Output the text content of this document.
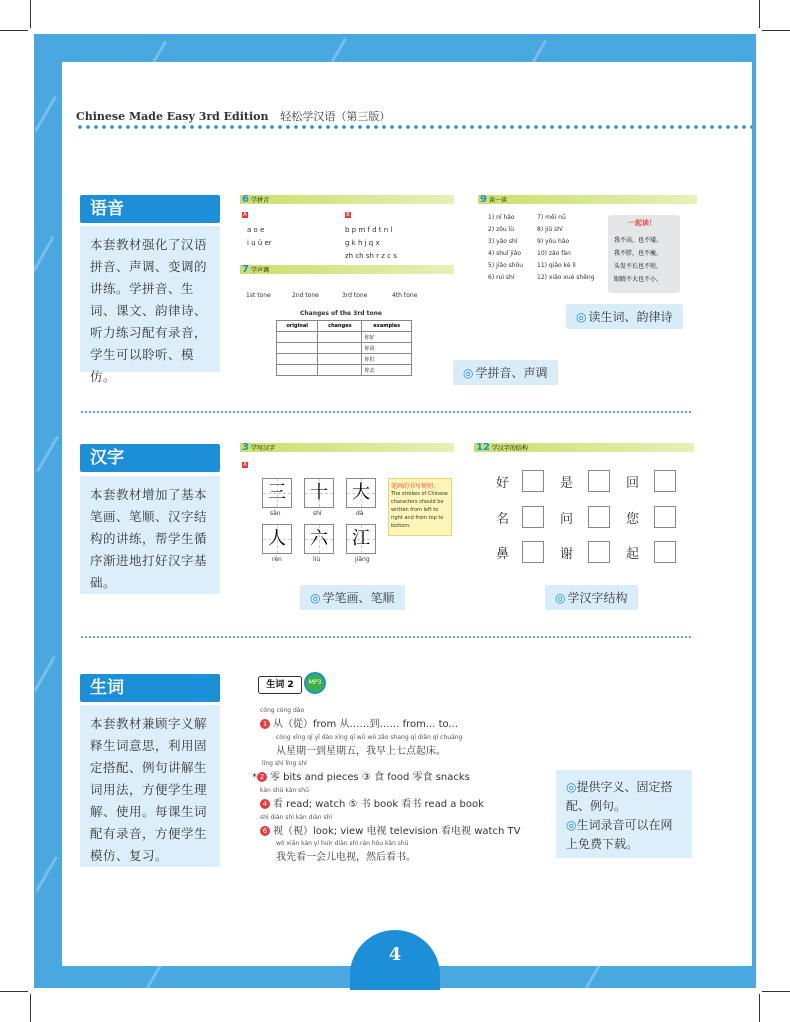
Chinese Made Easy 3rd Edition 轻松学汉语（第三版）
语音
本套教材强化了汉语拼音、声调、变调的讲练。学拼音、生词、课文、韵律诗、听力练习配有录音，学生可以聆听、模仿。
6 学拼音
A	B
a o e
i u ü er
b p m f d t n l
g k h j q x
zh ch sh r z c s
7 学声调
1st tone	2nd tone	3rd tone	4th tone
Changes of the 3rd tone
original	changes	examples
		你好
		你说
		你们
		你去
9 读一读
1) nǐ hǎo
2) zǒu lù
3) yǎo shǐ
4) shuǐ jiǎo
5) jiǎo shǒu
6) ruì shí
7) měi nǚ
8) jiǔ shí
9) yǒu hǎo
10) zǎo fàn
11) qiǎo kè lì
12) xiǎo xué shēng
一起读！
我不高，也不矮。
我不胖，也不瘦。
头发不长也不短，
眼睛不大也不小。
◎ 读生词、韵律诗
◎ 学拼音、声调
汉字
本套教材增加了基本笔画、笔顺、汉字结构的讲练，帮学生循序渐进地打好汉字基础。
3 学写汉字
A
三	十	大
sān	shí	dà
人	六	江
rén	liù	jiāng
笔画的书写规则：
The strokes of Chinese characters should be written from left to right and from top to bottom.
12 学汉字的结构
好	是	回
名	问	您
鼻	谢	起
◎ 学笔画、笔顺	◎ 学汉字结构
生词
本套教材兼顾字义解释生词意思，利用固定搭配、例句讲解生词用法，方便学生理解、使用。每课生词配有录音，方便学生模仿、复习。
生词 2	MP3
cóng cóng dào
1 从（從）from 从……到…… from... to...
cóng xīng qī yī dào xīng qī wǔ wǒ zǎo shang qī diǎn qǐ chuáng
从星期一到星期五，我早上七点起床。
líng shí líng shí
* 2 零 bits and pieces ③ 食 food 零食 snacks
kàn shū kàn shū
4 看 read; watch ⑤ 书 book 看书 read a book
shì diàn shì kàn diàn shì
6 视（視）look; view 电视 television 看电视 watch TV
wǒ xiān kàn yí huìr diàn shì rán hòu kàn shū
我先看一会儿电视，然后看书。
◎提供字义、固定搭配、例句。
◎生词录音可以在网上免费下载。
4
